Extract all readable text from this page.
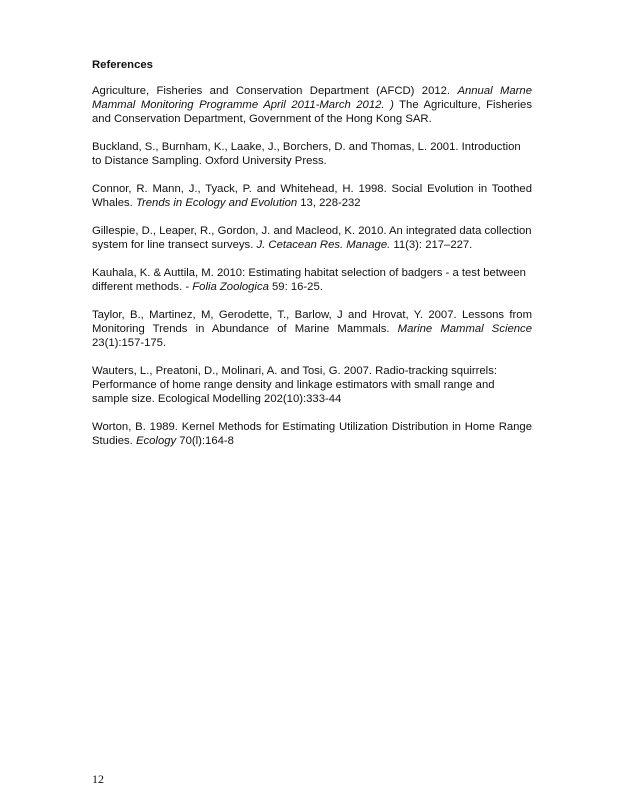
References

Agriculture, Fisheries and Conservation Department (AFCD) 2012. Annual Marne Mammal Monitoring Programme April 2011-March 2012. ) The Agriculture, Fisheries and Conservation Department, Government of the Hong Kong SAR.

Buckland, S., Burnham, K., Laake, J., Borchers, D. and Thomas, L. 2001. Introduction to Distance Sampling. Oxford University Press.

Connor, R. Mann, J., Tyack, P. and Whitehead, H. 1998. Social Evolution in Toothed Whales. Trends in Ecology and Evolution 13, 228-232

Gillespie, D., Leaper, R., Gordon, J. and Macleod, K. 2010. An integrated data collection system for line transect surveys. J. Cetacean Res. Manage. 11(3): 217–227.

Kauhala, K. & Auttila, M. 2010: Estimating habitat selection of badgers - a test between different methods. - Folia Zoologica 59: 16-25.

Taylor, B., Martinez, M, Gerodette, T., Barlow, J and Hrovat, Y. 2007. Lessons from Monitoring Trends in Abundance of Marine Mammals. Marine Mammal Science 23(1):157-175.

Wauters, L., Preatoni, D., Molinari, A. and Tosi, G. 2007. Radio-tracking squirrels: Performance of home range density and linkage estimators with small range and sample size. Ecological Modelling 202(10):333-44

Worton, B. 1989. Kernel Methods for Estimating Utilization Distribution in Home Range Studies. Ecology 70(l):164-8

12
